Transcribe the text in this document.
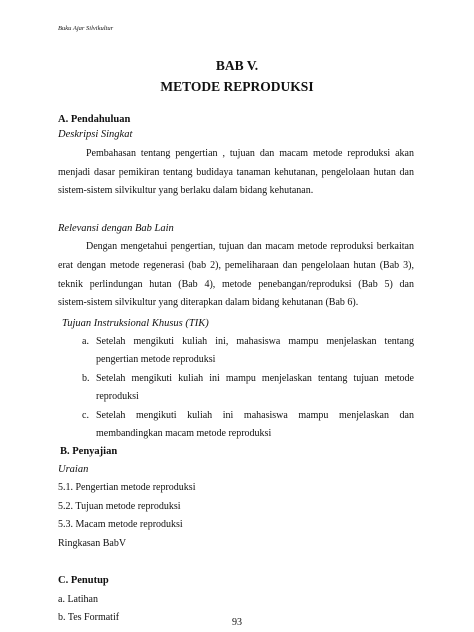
Buku Ajar Silvikultur
BAB V.
METODE REPRODUKSI
A. Pendahuluan
Deskripsi Singkat
Pembahasan tentang pengertian , tujuan dan macam metode reproduksi akan
menjadi dasar pemikiran tentang budidaya tanaman kehutanan, pengelolaan hutan dan
sistem-sistem silvikultur yang berlaku dalam bidang kehutanan.
Relevansi dengan Bab Lain
Dengan mengetahui pengertian, tujuan dan macam metode reproduksi berkaitan
erat dengan metode regenerasi (bab 2), pemeliharaan dan pengelolaan hutan (Bab 3),
teknik perlindungan hutan (Bab 4), metode penebangan/reproduksi (Bab 5) dan
sistem-sistem silvikultur yang diterapkan dalam bidang kehutanan (Bab 6).
Tujuan Instruksional Khusus (TIK)
a. Setelah mengikuti kuliah ini, mahasiswa mampu menjelaskan tentang
pengertian metode reproduksi
b. Setelah mengikuti kuliah ini mampu menjelaskan tentang tujuan metode
reproduksi
c. Setelah mengikuti kuliah ini mahasiswa mampu menjelaskan dan
membandingkan macam metode reproduksi
B. Penyajian
Uraian
5.1. Pengertian metode reproduksi
5.2. Tujuan metode reproduksi
5.3. Macam metode reproduksi
Ringkasan BabV
C. Penutup
a. Latihan
b. Tes Formatif	93
